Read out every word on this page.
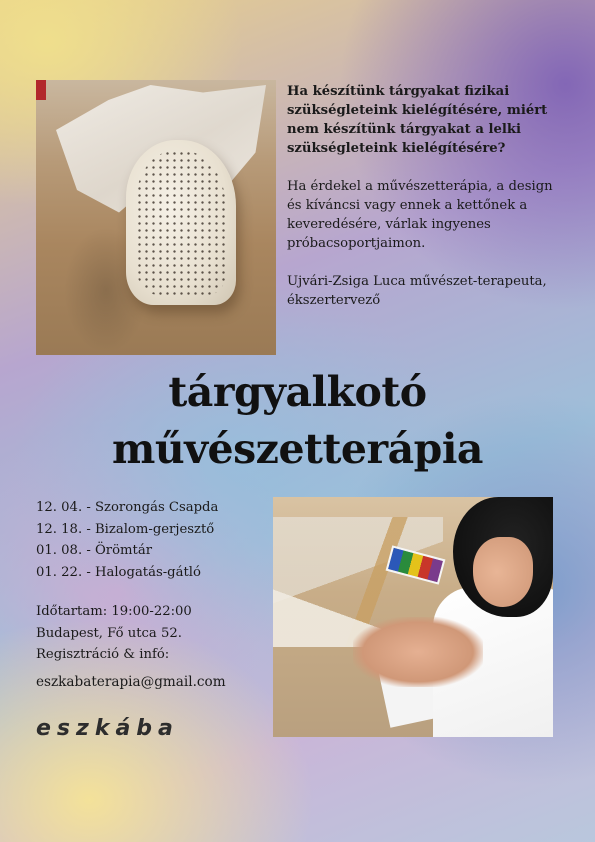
Ha készítünk tárgyakat fizikai szükségleteink kielégítésére, miért nem készítünk tárgyakat a lelki szükségleteink kielégítésére?

Ha érdekel a művészetterápia, a design és kíváncsi vagy ennek a kettőnek a keveredésére, várlak ingyenes próbacsoportjaimon.

Ujvári-Zsiga Luca művészet-terapeuta, ékszertervező

tárgyalkotó
művészetterápia
12. 04. - Szorongás Csapda
12. 18. - Bizalom-gerjesztő
01. 08. - Örömtár
01. 22. - Halogatás-gátló
Időtartam: 19:00-22:00
Budapest, Fő utca 52.
Regisztráció & infó:
eszkabaterapia@gmail.com
eszkába
